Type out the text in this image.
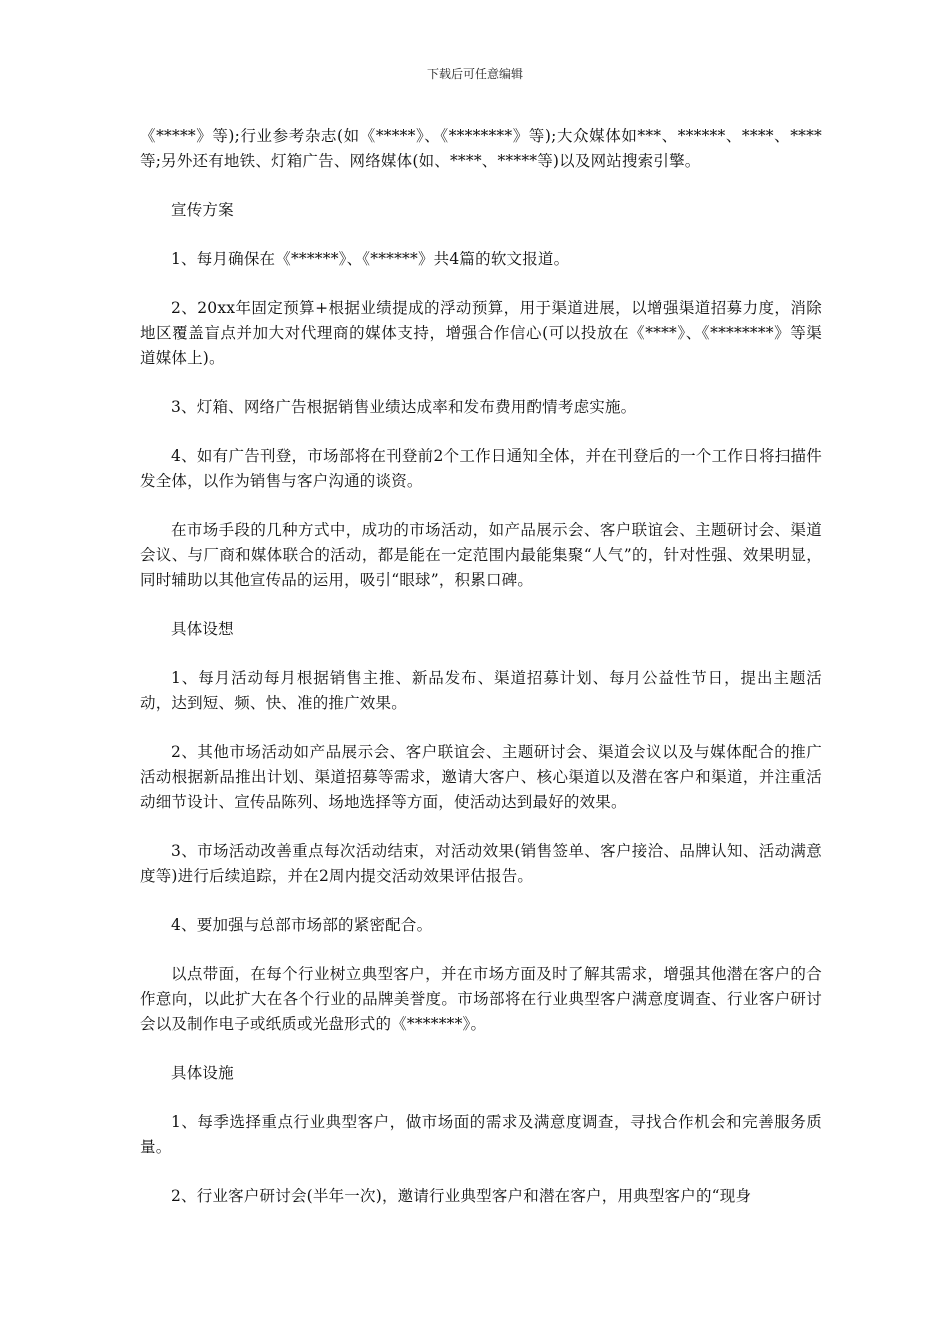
下载后可任意编辑

《*****》等);行业参考杂志(如《*****》、《********》等);大众媒体如***、******、****、****等;另外还有地铁、灯箱广告、网络媒体(如、****、*****等)以及网站搜索引擎。

宣传方案

1、每月确保在《******》、《******》共4篇的软文报道。

2、20xx年固定预算+根据业绩提成的浮动预算，用于渠道进展，以增强渠道招募力度，消除地区覆盖盲点并加大对代理商的媒体支持，增强合作信心(可以投放在《****》、《********》等渠道媒体上)。

3、灯箱、网络广告根据销售业绩达成率和发布费用酌情考虑实施。

4、如有广告刊登，市场部将在刊登前2个工作日通知全体，并在刊登后的一个工作日将扫描件发全体，以作为销售与客户沟通的谈资。

在市场手段的几种方式中，成功的市场活动，如产品展示会、客户联谊会、主题研讨会、渠道会议、与厂商和媒体联合的活动，都是能在一定范围内最能集聚“人气”的，针对性强、效果明显，同时辅助以其他宣传品的运用，吸引“眼球”，积累口碑。

具体设想

1、每月活动每月根据销售主推、新品发布、渠道招募计划、每月公益性节日，提出主题活动，达到短、频、快、准的推广效果。

2、其他市场活动如产品展示会、客户联谊会、主题研讨会、渠道会议以及与媒体配合的推广活动根据新品推出计划、渠道招募等需求，邀请大客户、核心渠道以及潜在客户和渠道，并注重活动细节设计、宣传品陈列、场地选择等方面，使活动达到最好的效果。

3、市场活动改善重点每次活动结束，对活动效果(销售签单、客户接洽、品牌认知、活动满意度等)进行后续追踪，并在2周内提交活动效果评估报告。

4、要加强与总部市场部的紧密配合。

以点带面，在每个行业树立典型客户，并在市场方面及时了解其需求，增强其他潜在客户的合作意向，以此扩大在各个行业的品牌美誉度。市场部将在行业典型客户满意度调查、行业客户研讨会以及制作电子或纸质或光盘形式的《*******》。

具体设施

1、每季选择重点行业典型客户，做市场面的需求及满意度调查，寻找合作机会和完善服务质量。

2、行业客户研讨会(半年一次)，邀请行业典型客户和潜在客户，用典型客户的“现身
